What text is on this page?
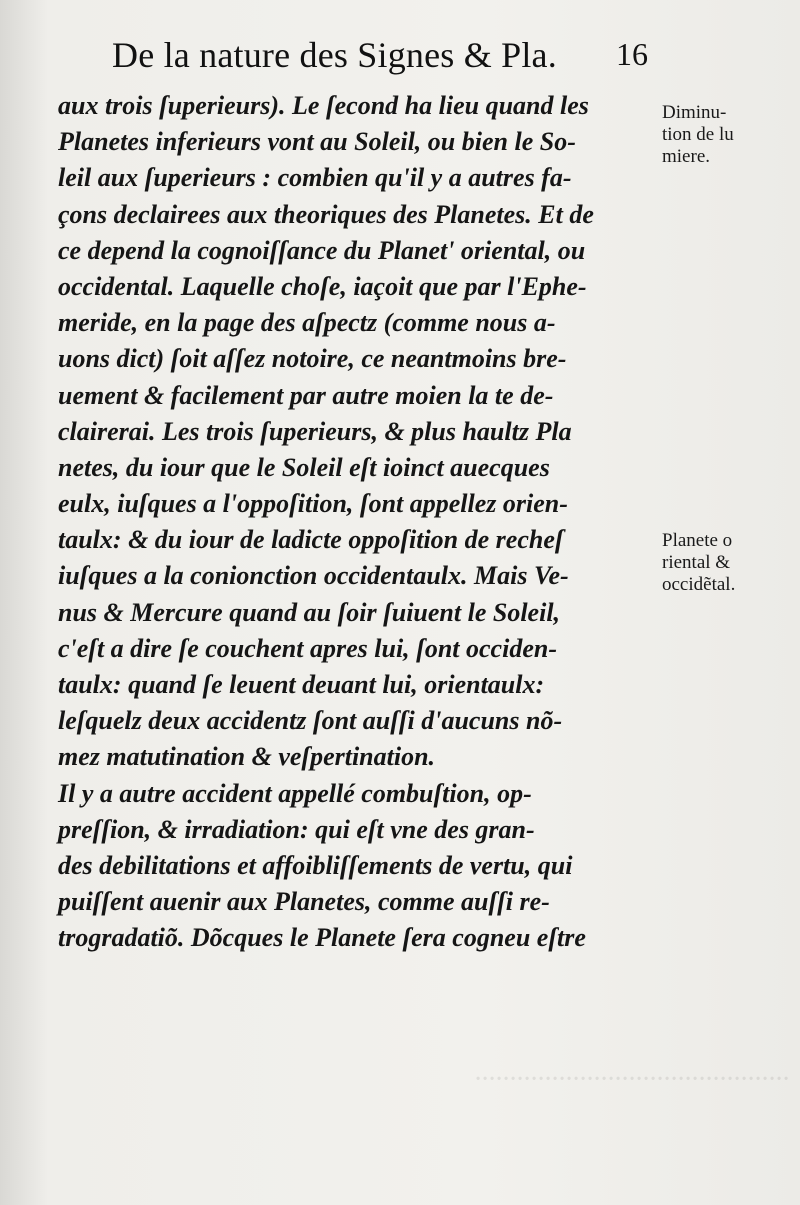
·············································
De la nature des Signes & Pla. 16
aux trois ſuperieurs). Le ſecond ha lieu quand les
Planetes inferieurs vont au Soleil, ou bien le So-
leil aux ſuperieurs : combien qu'il y a autres fa-
çons declairees aux theoriques des Planetes. Et de
ce depend la cognoiſſance du Planet' oriental, ou
occidental. Laquelle choſe, iaçoit que par l'Ephe-
meride, en la page des aſpectz (comme nous a-
uons dict) ſoit aſſez notoire, ce neantmoins bre-
uement & facilement par autre moien la te de-
clairerai. Les trois ſuperieurs, & plus haultz Pla
netes, du iour que le Soleil eſt ioinct auecques
eulx, iuſques a l'oppoſition, ſont appellez orien-
taulx: & du iour de ladicte oppoſition de recheſ
iuſques a la conionction occidentaulx. Mais Ve-
nus & Mercure quand au ſoir ſuiuent le Soleil,
c'eſt a dire ſe couchent apres lui, ſont occiden-
taulx: quand ſe leuent deuant lui, orientaulx:
leſquelz deux accidentz ſont auſſi d'aucuns nõ-
mez matutination & veſpertination.
Il y a autre accident appellé combuſtion, op-
preſſion, & irradiation: qui eſt vne des gran-
des debilitations et affoibliſſements de vertu, qui
puiſſent auenir aux Planetes, comme auſſi re-
trogradatiõ. Dõcques le Planete ſera cogneu eſtre
Diminu-
tion de lu
miere.
Planete o
riental &
occidẽtal.
